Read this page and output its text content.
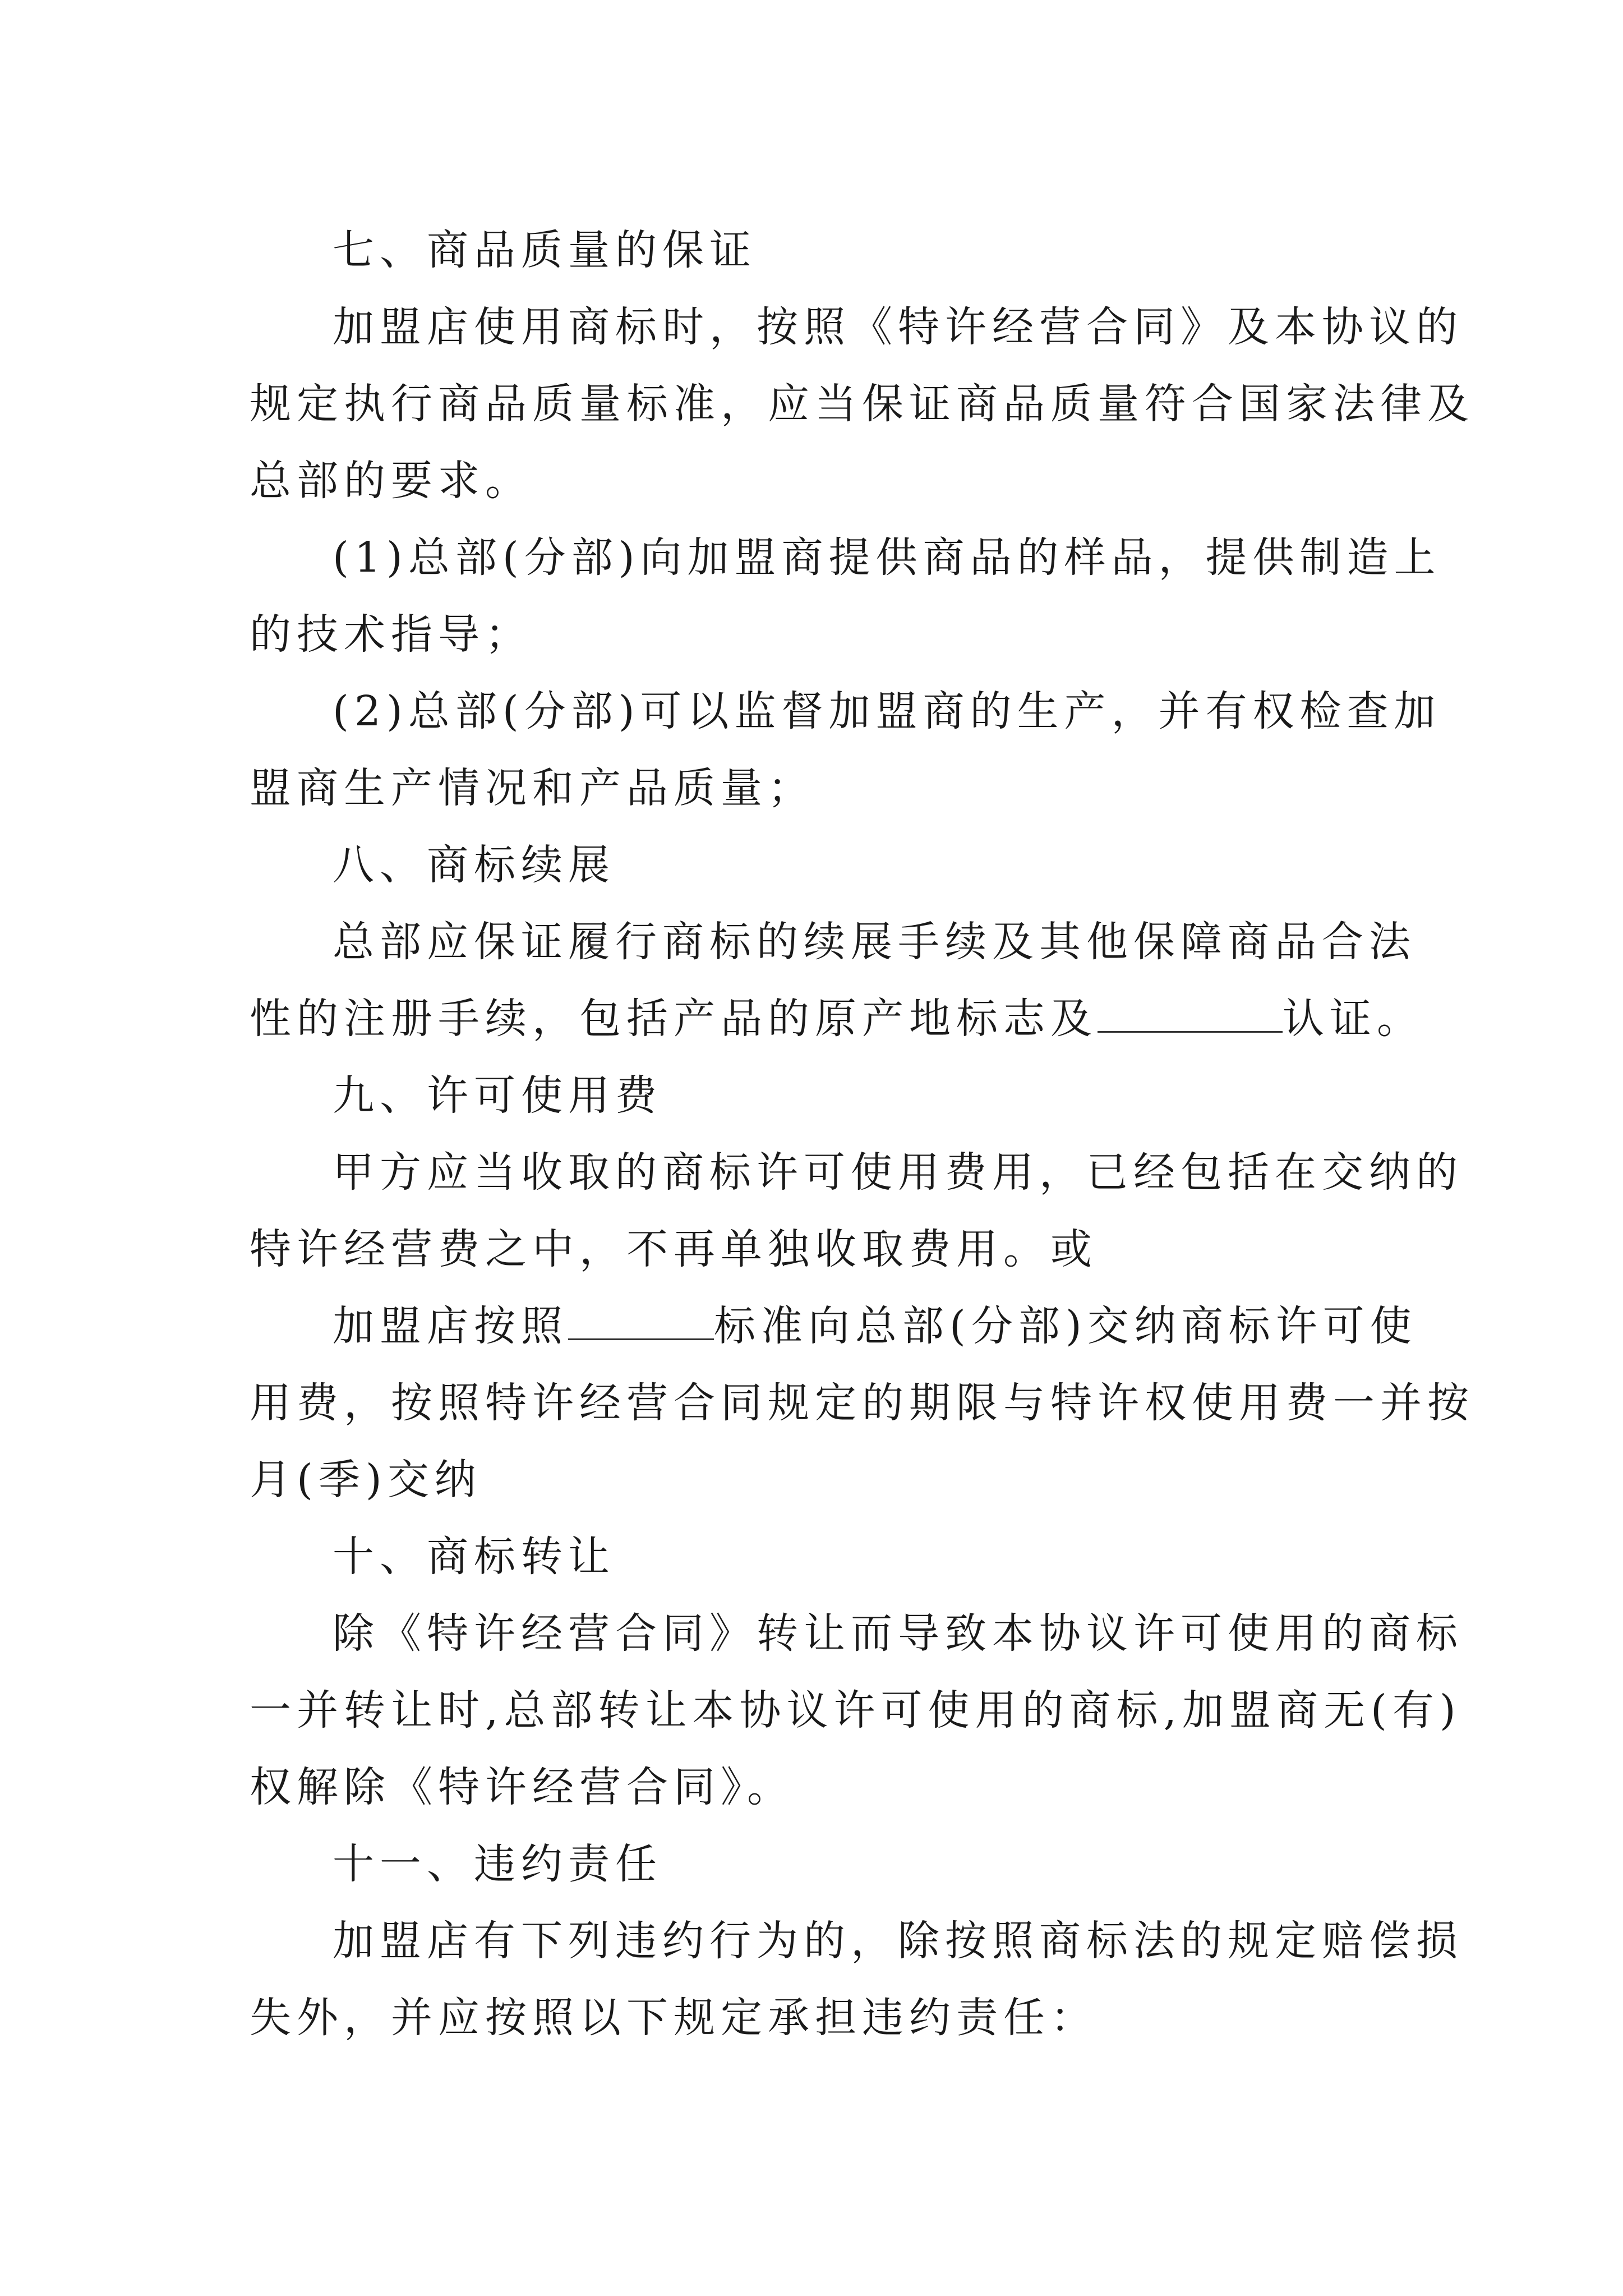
七、商品质量的保证
加盟店使用商标时，按照《特许经营合同》及本协议的
规定执行商品质量标准，应当保证商品质量符合国家法律及
总部的要求。
(1)总部(分部)向加盟商提供商品的样品，提供制造上
的技术指导；
(2)总部(分部)可以监督加盟商的生产，并有权检查加
盟商生产情况和产品质量；
八、商标续展
总部应保证履行商标的续展手续及其他保障商品合法
性的注册手续，包括产品的原产地标志及	认证。
九、许可使用费
甲方应当收取的商标许可使用费用，已经包括在交纳的
特许经营费之中，不再单独收取费用。或
加盟店按照	标准向总部(分部)交纳商标许可使
用费，按照特许经营合同规定的期限与特许权使用费一并按
月(季)交纳
十、商标转让
除《特许经营合同》转让而导致本协议许可使用的商标
一并转让时,总部转让本协议许可使用的商标,加盟商无(有)
权解除《特许经营合同》。
十一、违约责任
加盟店有下列违约行为的，除按照商标法的规定赔偿损
失外，并应按照以下规定承担违约责任：
